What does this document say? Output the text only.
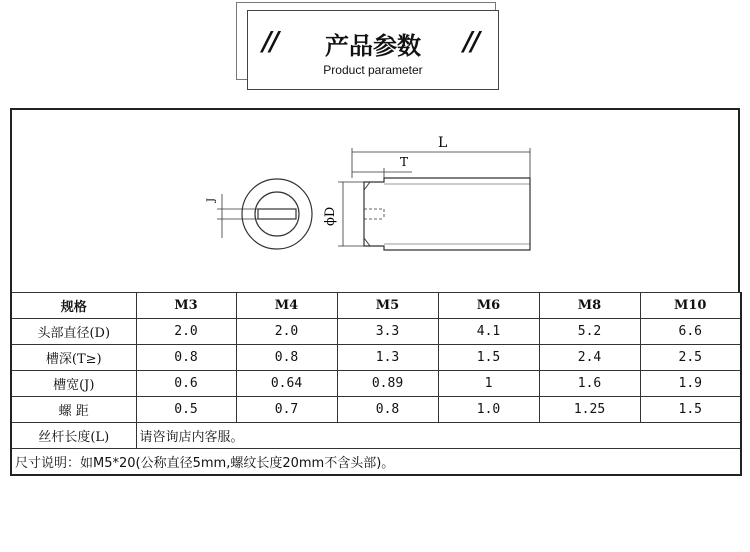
//	//
产品参数
Product parameter
J
L
T
ϕD
规格	M3	M4	M5	M6	M8	M10
头部直径(D)	2.0	2.0	3.3	4.1	5.2	6.6
槽深(T≥)	0.8	0.8	1.3	1.5	2.4	2.5
槽宽(J)	0.6	0.64	0.89	1	1.6	1.9
螺 距	0.5	0.7	0.8	1.0	1.25	1.5
丝杆长度(L)	请咨询店内客服。					
尺寸说明：如M5*20(公称直径5mm,螺纹长度20mm不含头部)。						
